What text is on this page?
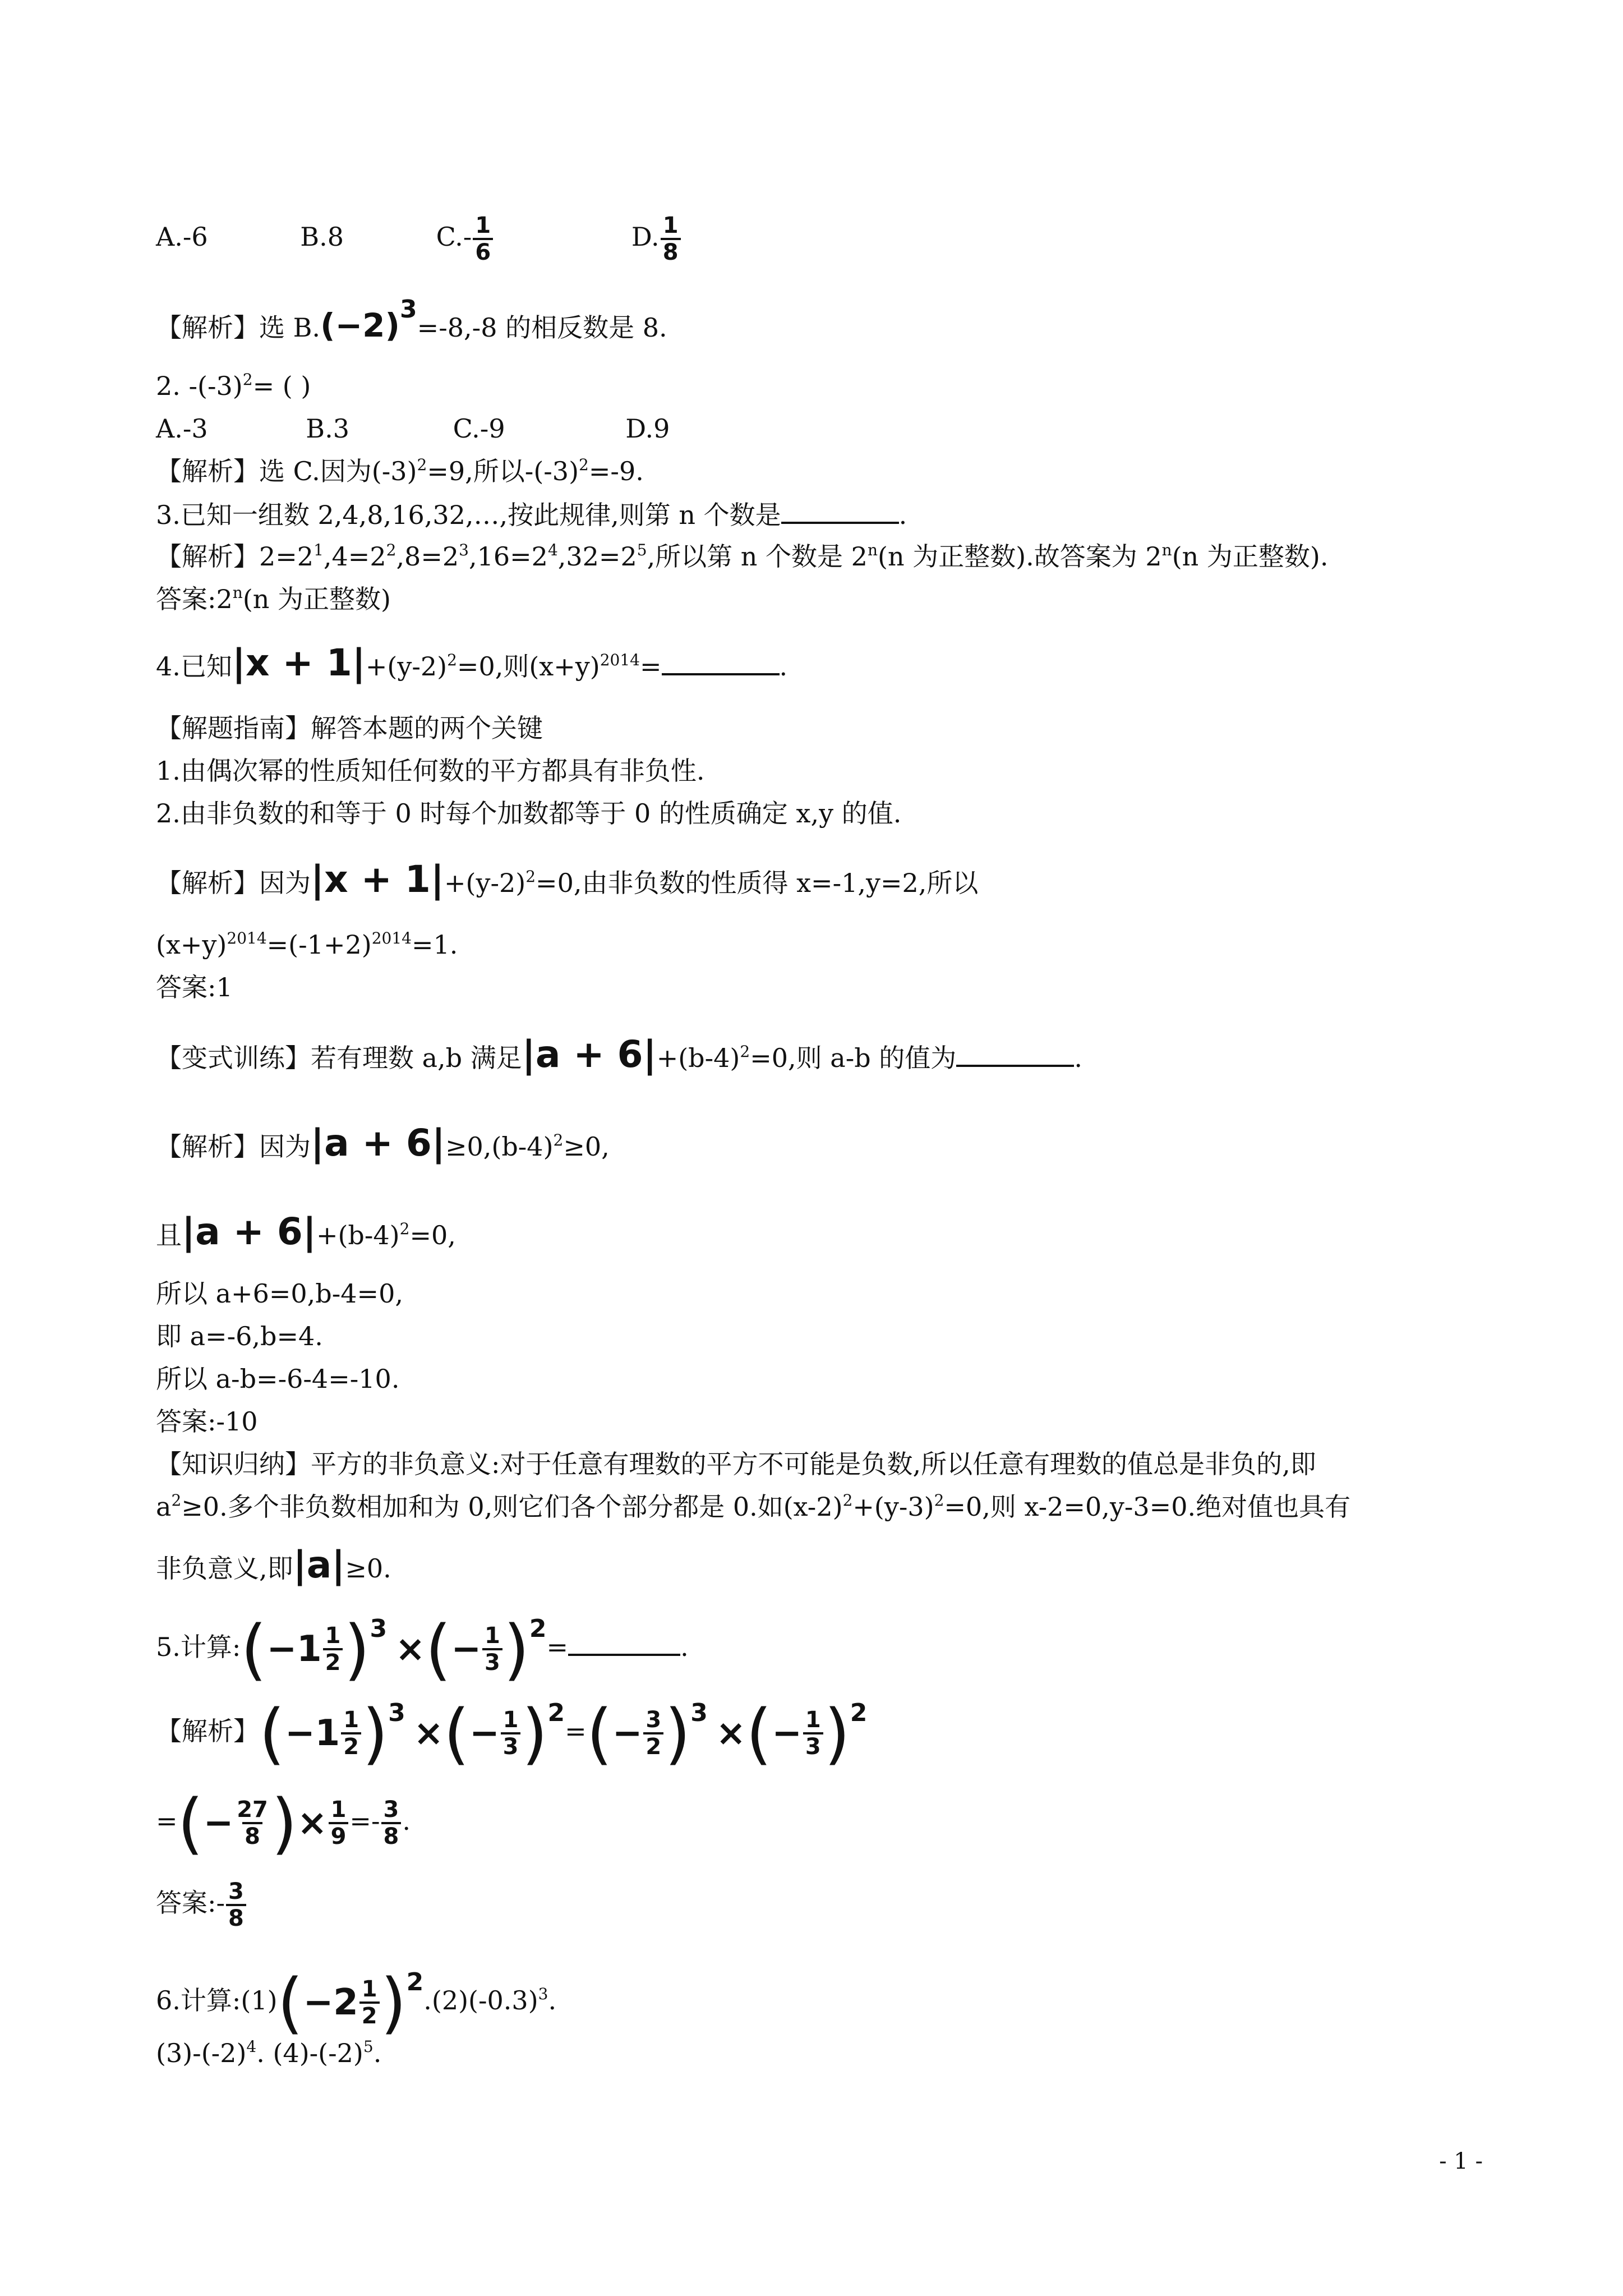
A.-6	B.8	$C.- \frac{1}{6}$	D. $\frac{1}{8}$
【解析】选 B.(−2)3=-8,-8 的相反数是 8.
2. $-(-3)^2=$ ( )
A.-3	B.3	C.-9	D.9
【解析】选 C.因为$(-3)^2=9$,所以$-(-3)^2=-9$.
3.已知一组数 2,4,8,16,32,…,按此规律,则第 n 个数是	.
【解析】$2=2^1,4=2^2,8=2^3,16=2^4,32=2^5$,所以第 n 个数是 2$^n$(n 为正整数).故答案为 2$^n$(n 为正整数).
答案:2$^n$(n 为正整数)
4.已知$|x + 1|+(y-2)^2=0$,则$(x+y)^{2014}=$	.
【解题指南】解答本题的两个关键
1.由偶次幂的性质知任何数的平方都具有非负性.
2.由非负数的和等于 0 时每个加数都等于 0 的性质确定 x,y 的值.
【解析】因为$|x + 1|+(y-2)^2=0$,由非负数的性质得 x=-1,y=2,所以
$(x+y)^{2014}=(-1+2)^{2014}=1$.
答案:1
【变式训练】若有理数 a,b 满足$|a + 6|+(b-4)^2=0$,则 a-b 的值为	.
【解析】因为$|a + 6|\ge 0,(b-4)^2\ge 0$,
且$|a + 6|+(b-4)^2=0$,
所以 a+6=0,b-4=0,
即 a=-6,b=4.
所以 a-b=-6-4=-10.
答案:-10
【知识归纳】平方的非负意义:对于任意有理数的平方不可能是负数,所以任意有理数的值总是非负的,即
$a^2\ge 0$.多个非负数相加和为 0,则它们各个部分都是 0.如$(x-2)^2+(y-3)^2=0$,则 x-2=0,y-3=0.绝对值也具有
非负意义,即|a|≥0.
5.计算:(−1 $\frac{1}{2} )3$ ×(− $\frac{1}{3} )2=$	.
【解析】$(-1 \frac{1}{2} )3$ ×(− $\frac{1}{3} )2=(- \frac{3}{2} )3$ ×(− $\frac{1}{3} )2$
=(− $\frac{27}{8}$ )× $\frac{1}{9} =- \frac{3}{8}$ .
答案:- $\frac{3}{8}$
6.计算:(1)(−2 $\frac{1}{2} )2.(2)(-0.3)^3$.
$(3)-(-2)^4$. $(4)-(-2)^5$.
- 1 -
